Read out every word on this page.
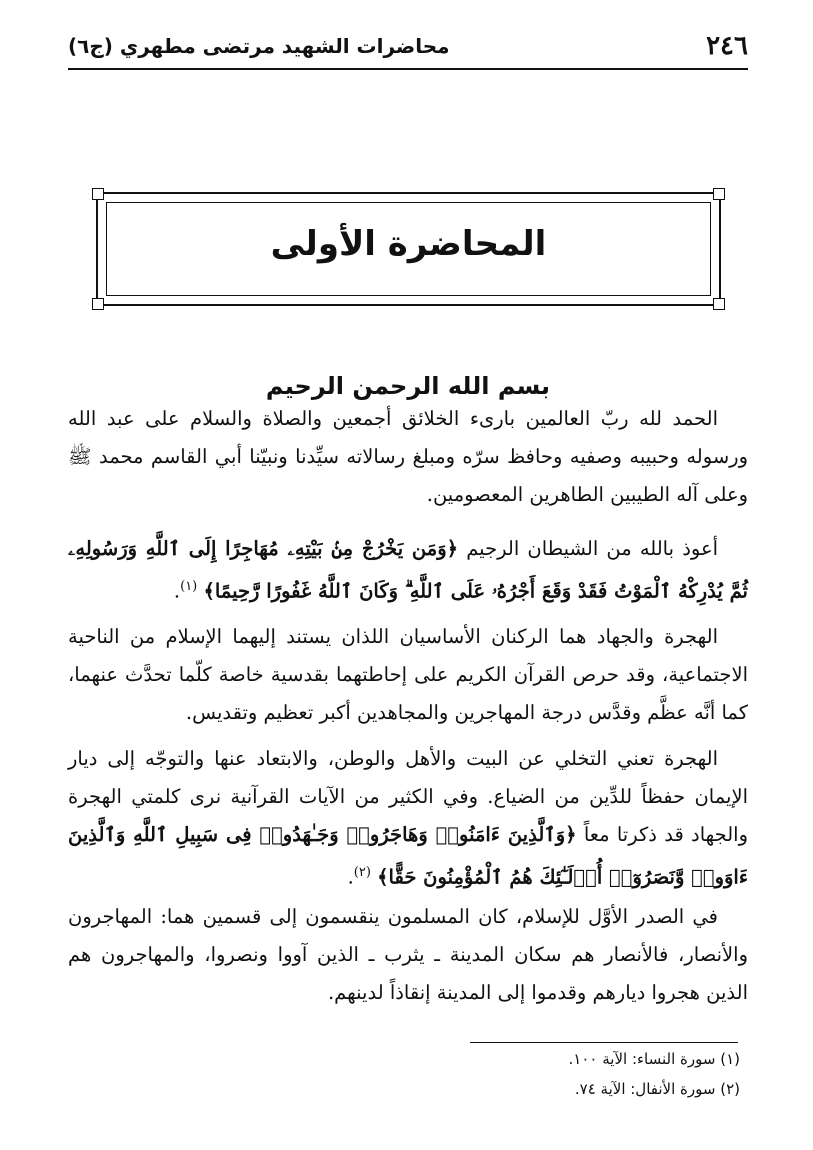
٢٤٦
محاضرات الشهيد مرتضى مطهري (ج٦)
المحاضرة الأولى
بسم الله الرحمن الرحيم

الحمد لله ربّ العالمين بارىء الخلائق أجمعين والصلاة والسلام على عبد الله ورسوله وحبيبه وصفيه وحافظ سرّه ومبلغ رسالاته سيِّدنا ونبيّنا أبي القاسم محمد ﷺ وعلى آله الطيبين الطاهرين المعصومين.

أعوذ بالله من الشيطان الرجيم ﴿وَمَن يَخْرُجْ مِنۢ بَيْتِهِۦ مُهَاجِرًا إِلَى ٱللَّهِ وَرَسُولِهِۦ ثُمَّ يُدْرِكْهُ ٱلْمَوْتُ فَقَدْ وَقَعَ أَجْرُهُۥ عَلَى ٱللَّهِ ۗ وَكَانَ ٱللَّهُ غَفُورًا رَّحِيمًا﴾ $^{(١)}$.

الهجرة والجهاد هما الركنان الأساسيان اللذان يستند إليهما الإسلام من الناحية الاجتماعية، وقد حرص القرآن الكريم على إحاطتهما بقدسية خاصة كلّما تحدَّث عنهما، كما أنَّه عظَّم وقدَّس درجة المهاجرين والمجاهدين أكبر تعظيم وتقديس.

الهجرة تعني التخلي عن البيت والأهل والوطن، والابتعاد عنها والتوجّه إلى ديار الإيمان حفظاً للدِّين من الضياع. وفي الكثير من الآيات القرآنية نرى كلمتي الهجرة والجهاد قد ذكرتا معاً ﴿وَٱلَّذِينَ ءَامَنُوا۟ وَهَاجَرُوا۟ وَجَـٰهَدُوا۟ فِى سَبِيلِ ٱللَّهِ وَٱلَّذِينَ ءَاوَوا۟ وَّنَصَرُوٓا۟ أُو۟لَـٰٓئِكَ هُمُ ٱلْمُؤْمِنُونَ حَقًّا﴾ $^{(٢)}$.

في الصدر الأوَّل للإسلام، كان المسلمون ينقسمون إلى قسمين هما: المهاجرون والأنصار، فالأنصار هم سكان المدينة ـ يثرب ـ الذين آووا ونصروا، والمهاجرون هم الذين هجروا ديارهم وقدموا إلى المدينة إنقاذاً لدينهم.

(١) سورة النساء: الآية ١٠٠.
(٢) سورة الأنفال: الآية ٧٤.
